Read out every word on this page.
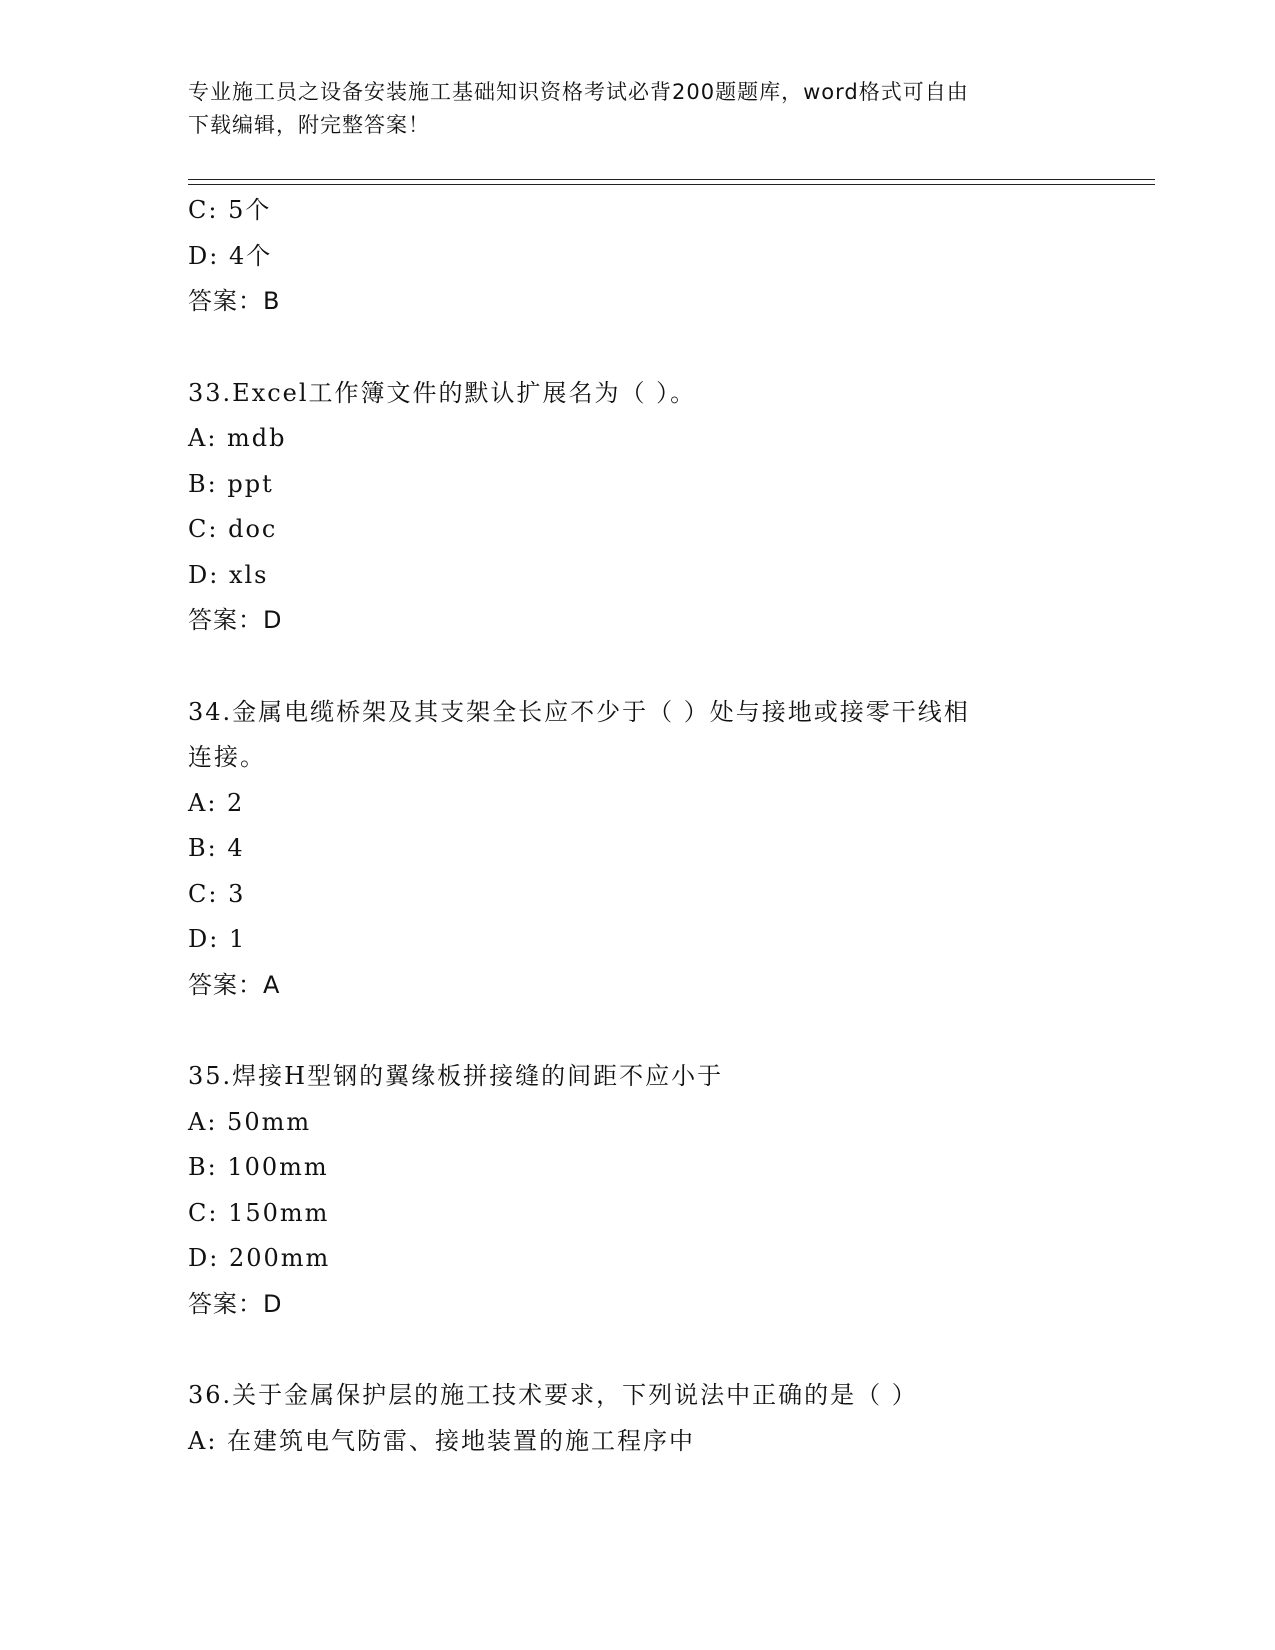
专业施工员之设备安装施工基础知识资格考试必背200题题库，word格式可自由
下载编辑，附完整答案！
C: 5个
D: 4个
答案：B
33.Excel工作簿文件的默认扩展名为（ ）。
A: mdb
B: ppt
C: doc
D: xls
答案：D
34.金属电缆桥架及其支架全长应不少于（ ）处与接地或接零干线相
连接。
A: 2
B: 4
C: 3
D: 1
答案：A
35.焊接H型钢的翼缘板拼接缝的间距不应小于
A: 50mm
B: 100mm
C: 150mm
D: 200mm
答案：D
36.关于金属保护层的施工技术要求，下列说法中正确的是（ ）
A: 在建筑电气防雷、接地装置的施工程序中
